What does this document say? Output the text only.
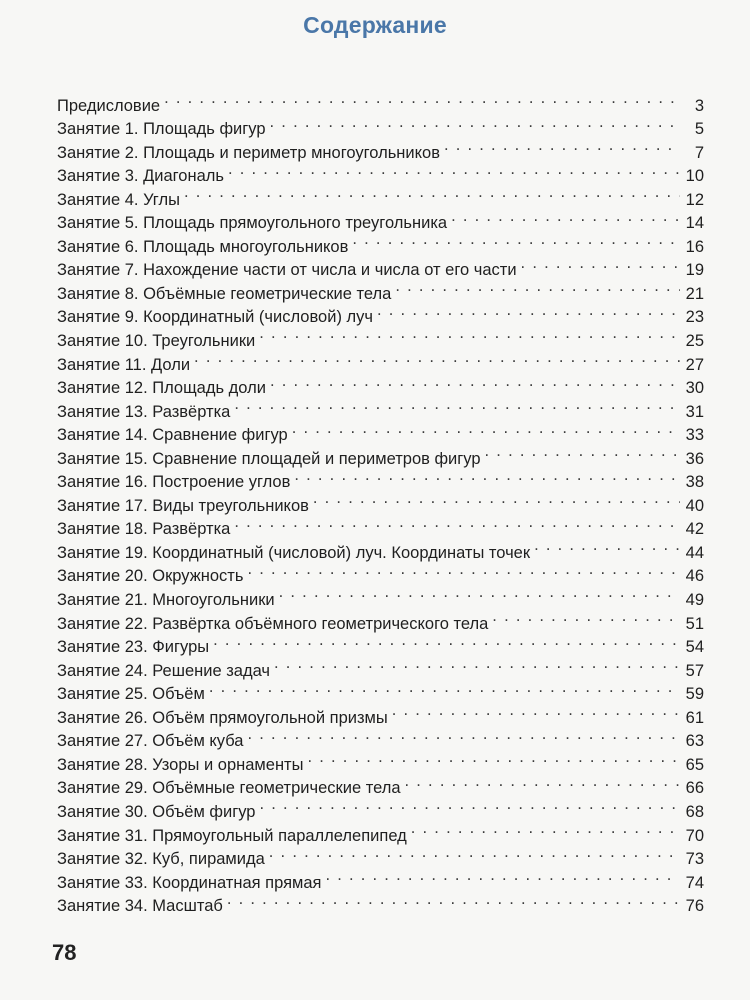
Содержание
Предисловие . . .	3
Занятие 1. Площадь фигур . . .	5
Занятие 2. Площадь и периметр многоугольников . . .	7
Занятие 3. Диагональ . . .	10
Занятие 4. Углы . . .	12
Занятие 5. Площадь прямоугольного треугольника . . .	14
Занятие 6. Площадь многоугольников . . .	16
Занятие 7. Нахождение части от числа и числа от его части . . .	19
Занятие 8. Объёмные геометрические тела . . .	21
Занятие 9. Координатный (числовой) луч . . .	23
Занятие 10. Треугольники . . .	25
Занятие 11. Доли . . .	27
Занятие 12. Площадь доли . . .	30
Занятие 13. Развёртка . . .	31
Занятие 14. Сравнение фигур . . .	33
Занятие 15. Сравнение площадей и периметров фигур . . .	36
Занятие 16. Построение углов . . .	38
Занятие 17. Виды треугольников . . .	40
Занятие 18. Развёртка . . .	42
Занятие 19. Координатный (числовой) луч. Координаты точек . . .	44
Занятие 20. Окружность . . .	46
Занятие 21. Многоугольники . . .	49
Занятие 22. Развёртка объёмного геометрического тела . . .	51
Занятие 23. Фигуры . . .	54
Занятие 24. Решение задач . . .	57
Занятие 25. Объём . . .	59
Занятие 26. Объём прямоугольной призмы . . .	61
Занятие 27. Объём куба . . .	63
Занятие 28. Узоры и орнаменты . . .	65
Занятие 29. Объёмные геометрические тела . . .	66
Занятие 30. Объём фигур . . .	68
Занятие 31. Прямоугольный параллелепипед . . .	70
Занятие 32. Куб, пирамида . . .	73
Занятие 33. Координатная прямая . . .	74
Занятие 34. Масштаб . . .	76
78
